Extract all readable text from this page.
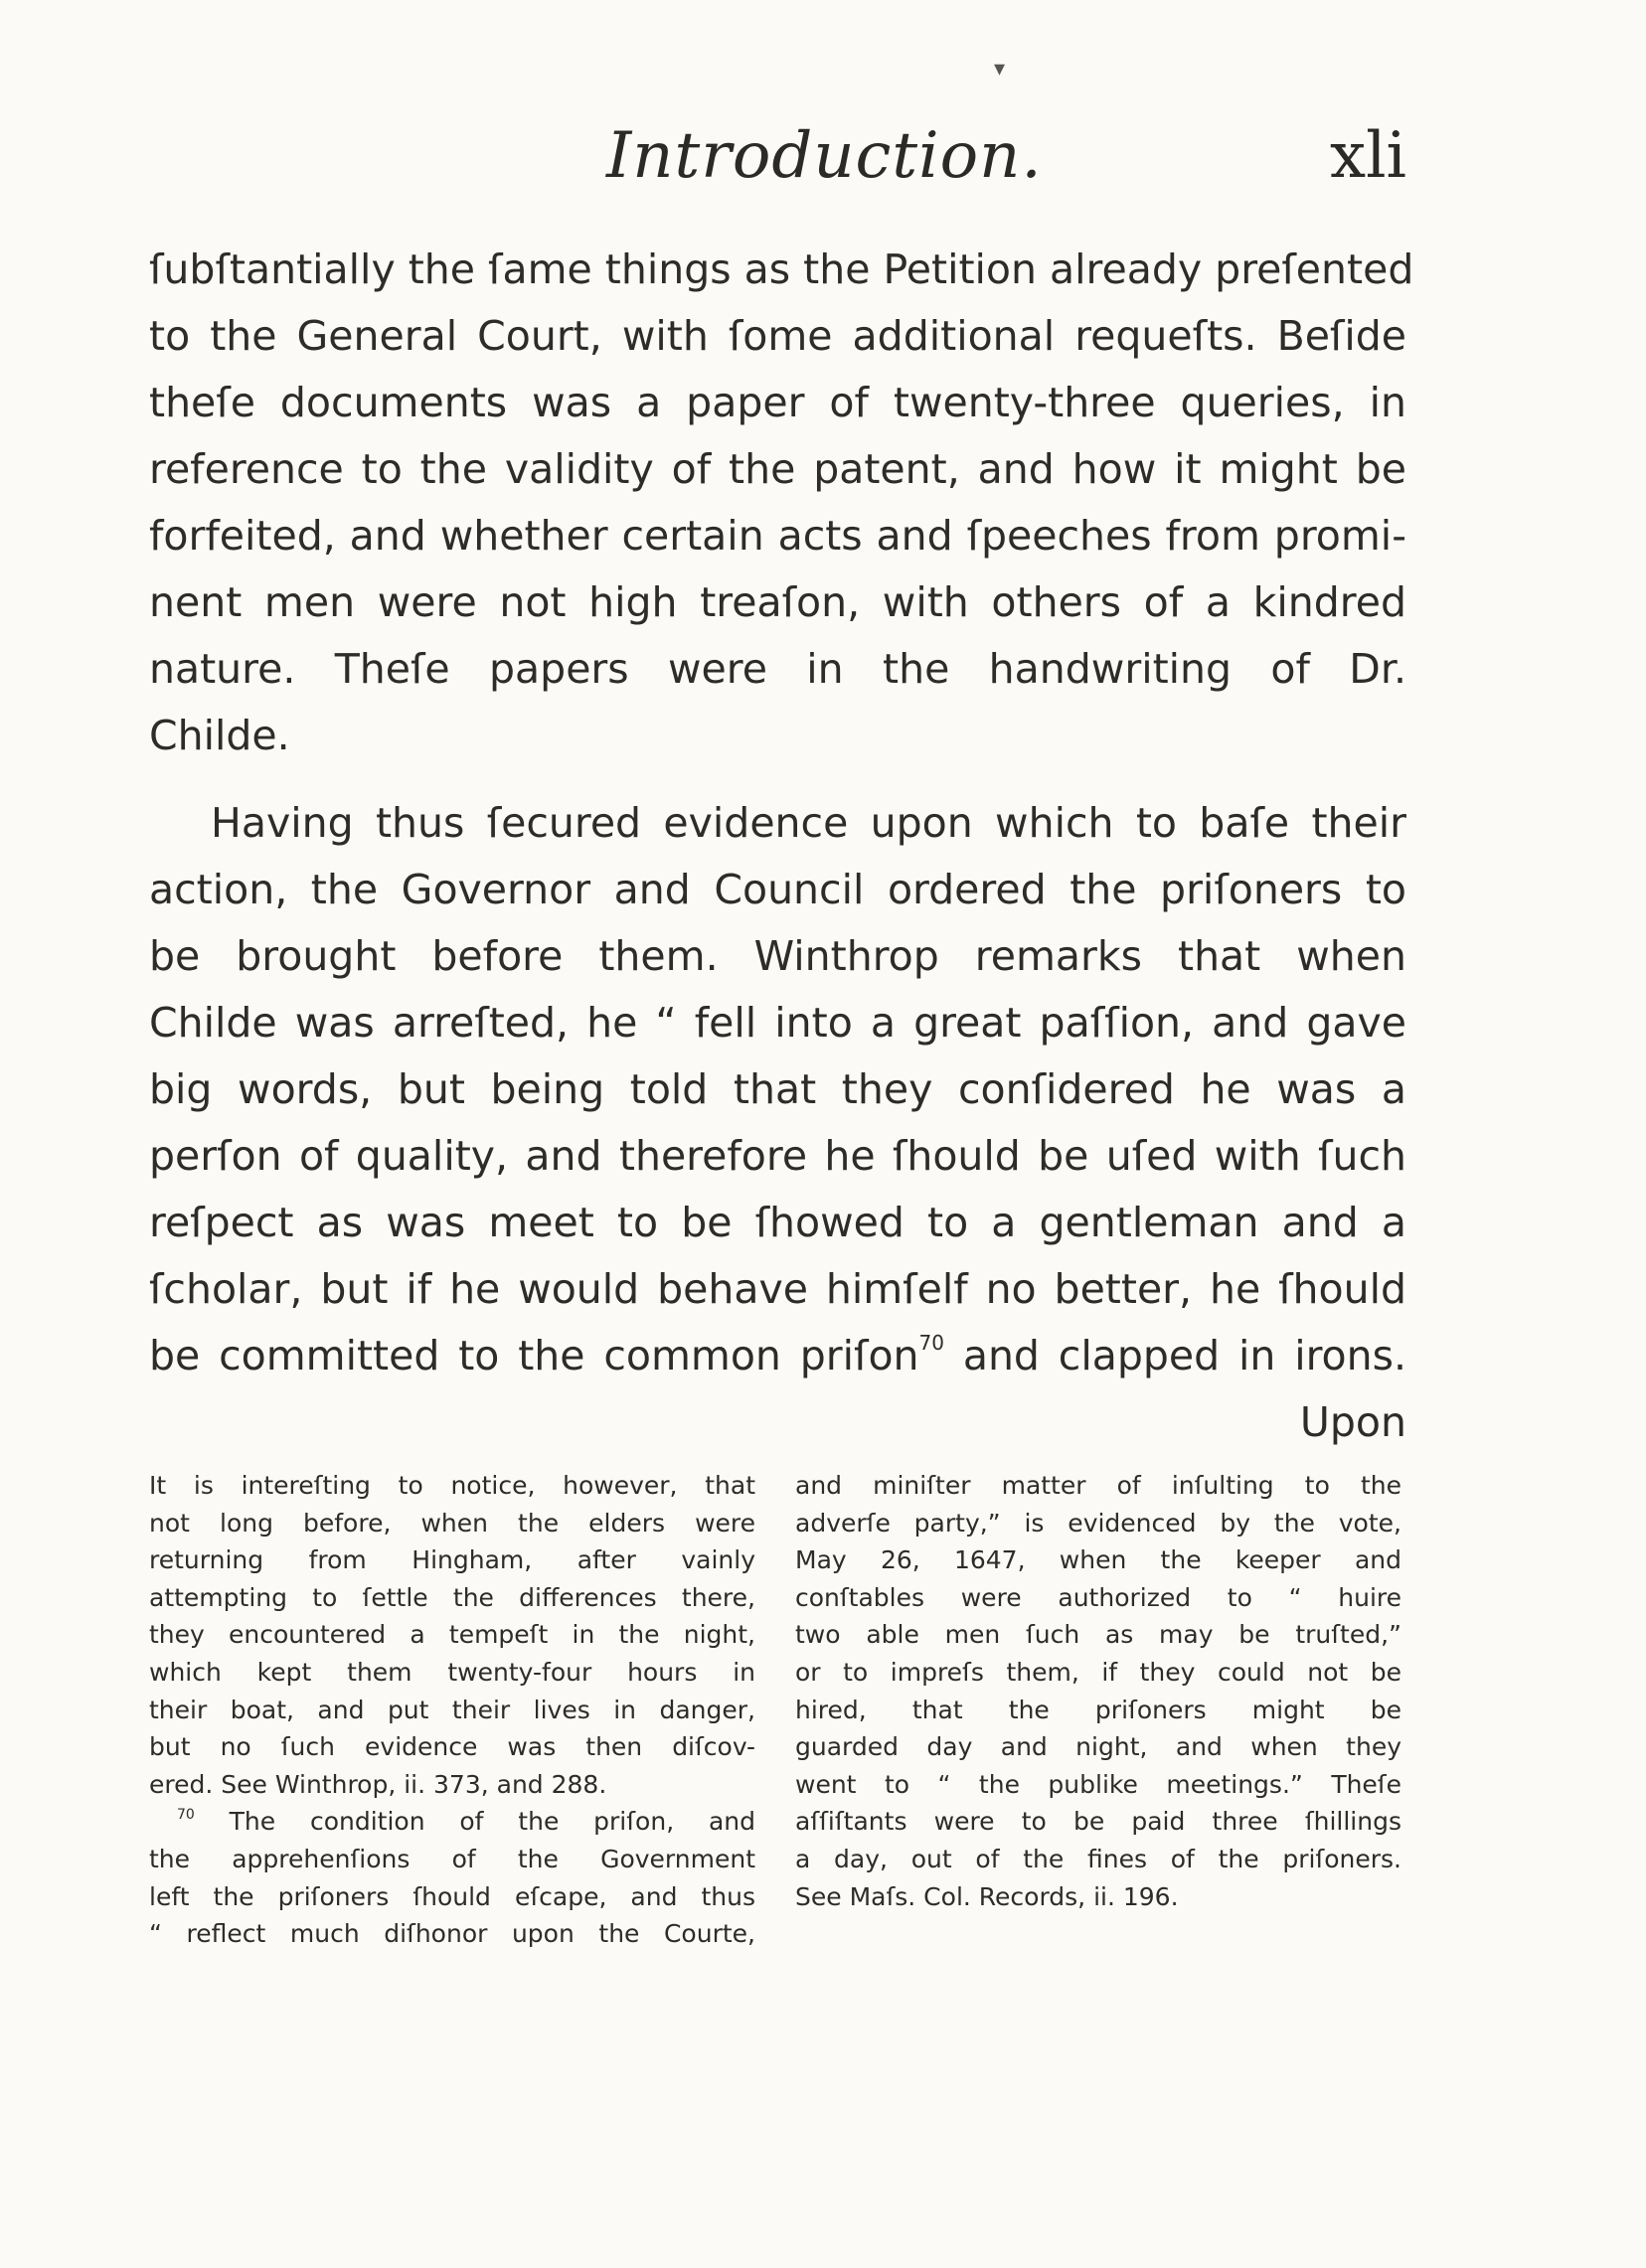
▾
Introduction.	xli
ſubſtantially the ſame things as the Petition already preſented
to the General Court, with ſome additional requeſts. Beſide
theſe documents was a paper of twenty-three queries, in
reference to the validity of the patent, and how it might be
forfeited, and whether certain acts and ſpeeches from promi-
nent men were not high treaſon, with others of a kindred
nature. Theſe papers were in the handwriting of Dr.
Childe.
Having thus ſecured evidence upon which to baſe their
action, the Governor and Council ordered the priſoners to
be brought before them. Winthrop remarks that when
Childe was arreſted, he “ fell into a great paſſion, and gave
big words, but being told that they conſidered he was a
perſon of quality, and therefore he ſhould be uſed with ſuch
reſpect as was meet to be ſhowed to a gentleman and a
ſcholar, but if he would behave himſelf no better, he ſhould
be committed to the common priſon$^{70}$ and clapped in irons.
Upon
It is intereſting to notice, however, that
not long before, when the elders were
returning from Hingham, after vainly
attempting to ſettle the differences there,
they encountered a tempeſt in the night,
which kept them twenty-four hours in
their boat, and put their lives in danger,
but no ſuch evidence was then diſcov-
ered. See Winthrop, ii. 373, and 288.
$^{70}$ The condition of the priſon, and
the apprehenſions of the Government
left the priſoners ſhould eſcape, and thus
“ reflect much diſhonor upon the Courte,
and miniſter matter of inſulting to the
adverſe party,” is evidenced by the vote,
May 26, 1647, when the keeper and
conſtables were authorized to “ huire
two able men ſuch as may be truſted,”
or to impreſs them, if they could not be
hired, that the priſoners might be
guarded day and night, and when they
went to “ the publike meetings.” Theſe
aſſiſtants were to be paid three ſhillings
a day, out of the fines of the priſoners.
See Maſs. Col. Records, ii. 196.
